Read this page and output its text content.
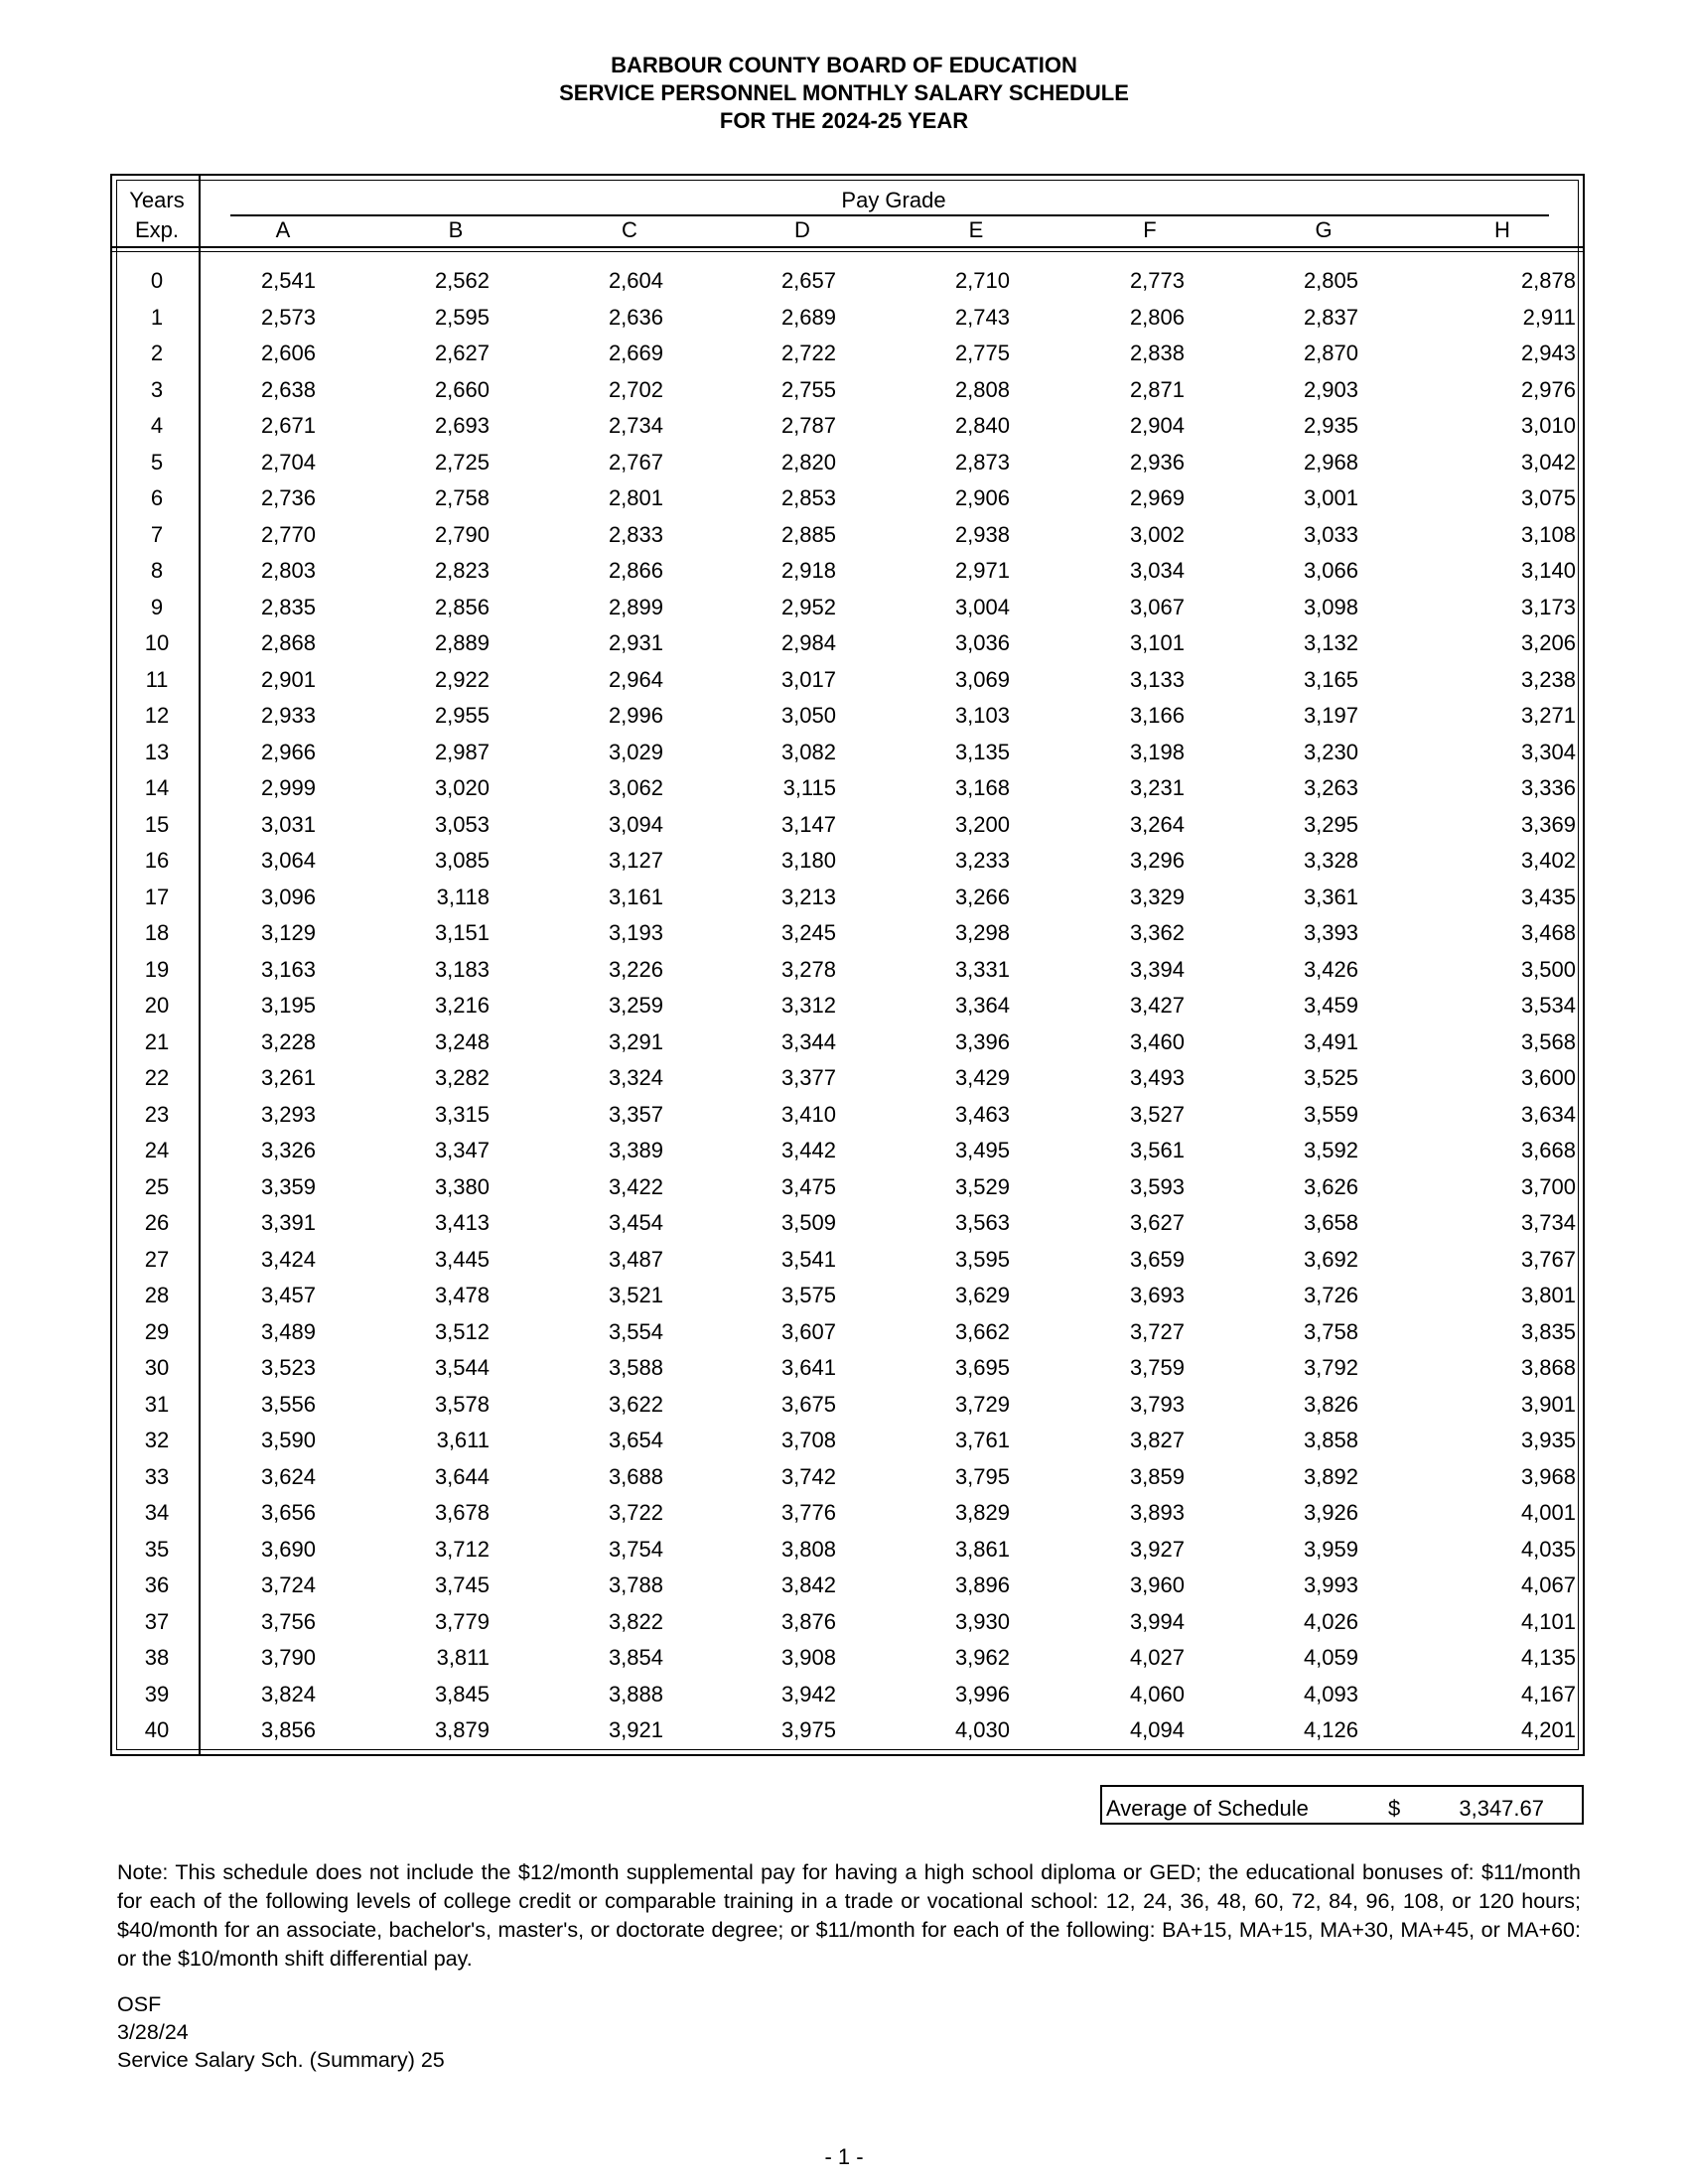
BARBOUR COUNTY BOARD OF EDUCATION
SERVICE PERSONNEL MONTHLY SALARY SCHEDULE
FOR THE 2024-25 YEAR
Years
Exp.
Pay Grade
A	B	C	D	E	F	G	H
0	2,541	2,562	2,604	2,657	2,710	2,773	2,805	2,878
1	2,573	2,595	2,636	2,689	2,743	2,806	2,837	2,911
2	2,606	2,627	2,669	2,722	2,775	2,838	2,870	2,943
3	2,638	2,660	2,702	2,755	2,808	2,871	2,903	2,976
4	2,671	2,693	2,734	2,787	2,840	2,904	2,935	3,010
5	2,704	2,725	2,767	2,820	2,873	2,936	2,968	3,042
6	2,736	2,758	2,801	2,853	2,906	2,969	3,001	3,075
7	2,770	2,790	2,833	2,885	2,938	3,002	3,033	3,108
8	2,803	2,823	2,866	2,918	2,971	3,034	3,066	3,140
9	2,835	2,856	2,899	2,952	3,004	3,067	3,098	3,173
10	2,868	2,889	2,931	2,984	3,036	3,101	3,132	3,206
11	2,901	2,922	2,964	3,017	3,069	3,133	3,165	3,238
12	2,933	2,955	2,996	3,050	3,103	3,166	3,197	3,271
13	2,966	2,987	3,029	3,082	3,135	3,198	3,230	3,304
14	2,999	3,020	3,062	3,115	3,168	3,231	3,263	3,336
15	3,031	3,053	3,094	3,147	3,200	3,264	3,295	3,369
16	3,064	3,085	3,127	3,180	3,233	3,296	3,328	3,402
17	3,096	3,118	3,161	3,213	3,266	3,329	3,361	3,435
18	3,129	3,151	3,193	3,245	3,298	3,362	3,393	3,468
19	3,163	3,183	3,226	3,278	3,331	3,394	3,426	3,500
20	3,195	3,216	3,259	3,312	3,364	3,427	3,459	3,534
21	3,228	3,248	3,291	3,344	3,396	3,460	3,491	3,568
22	3,261	3,282	3,324	3,377	3,429	3,493	3,525	3,600
23	3,293	3,315	3,357	3,410	3,463	3,527	3,559	3,634
24	3,326	3,347	3,389	3,442	3,495	3,561	3,592	3,668
25	3,359	3,380	3,422	3,475	3,529	3,593	3,626	3,700
26	3,391	3,413	3,454	3,509	3,563	3,627	3,658	3,734
27	3,424	3,445	3,487	3,541	3,595	3,659	3,692	3,767
28	3,457	3,478	3,521	3,575	3,629	3,693	3,726	3,801
29	3,489	3,512	3,554	3,607	3,662	3,727	3,758	3,835
30	3,523	3,544	3,588	3,641	3,695	3,759	3,792	3,868
31	3,556	3,578	3,622	3,675	3,729	3,793	3,826	3,901
32	3,590	3,611	3,654	3,708	3,761	3,827	3,858	3,935
33	3,624	3,644	3,688	3,742	3,795	3,859	3,892	3,968
34	3,656	3,678	3,722	3,776	3,829	3,893	3,926	4,001
35	3,690	3,712	3,754	3,808	3,861	3,927	3,959	4,035
36	3,724	3,745	3,788	3,842	3,896	3,960	3,993	4,067
37	3,756	3,779	3,822	3,876	3,930	3,994	4,026	4,101
38	3,790	3,811	3,854	3,908	3,962	4,027	4,059	4,135
39	3,824	3,845	3,888	3,942	3,996	4,060	4,093	4,167
40	3,856	3,879	3,921	3,975	4,030	4,094	4,126	4,201
Average of Schedule	$	3,347.67
Note: This schedule does not include the $12/month supplemental pay for having a high school diploma or GED; the educational bonuses of: $11/month for each of the following levels of college credit or comparable training in a trade or vocational school: 12, 24, 36, 48, 60, 72, 84, 96, 108, or 120 hours; $40/month for an associate, bachelor's, master's, or doctorate degree; or $11/month for each of the following: BA+15, MA+15, MA+30, MA+45, or MA+60: or the $10/month shift differential pay.
OSF
3/28/24
Service Salary Sch. (Summary) 25
- 1 -
